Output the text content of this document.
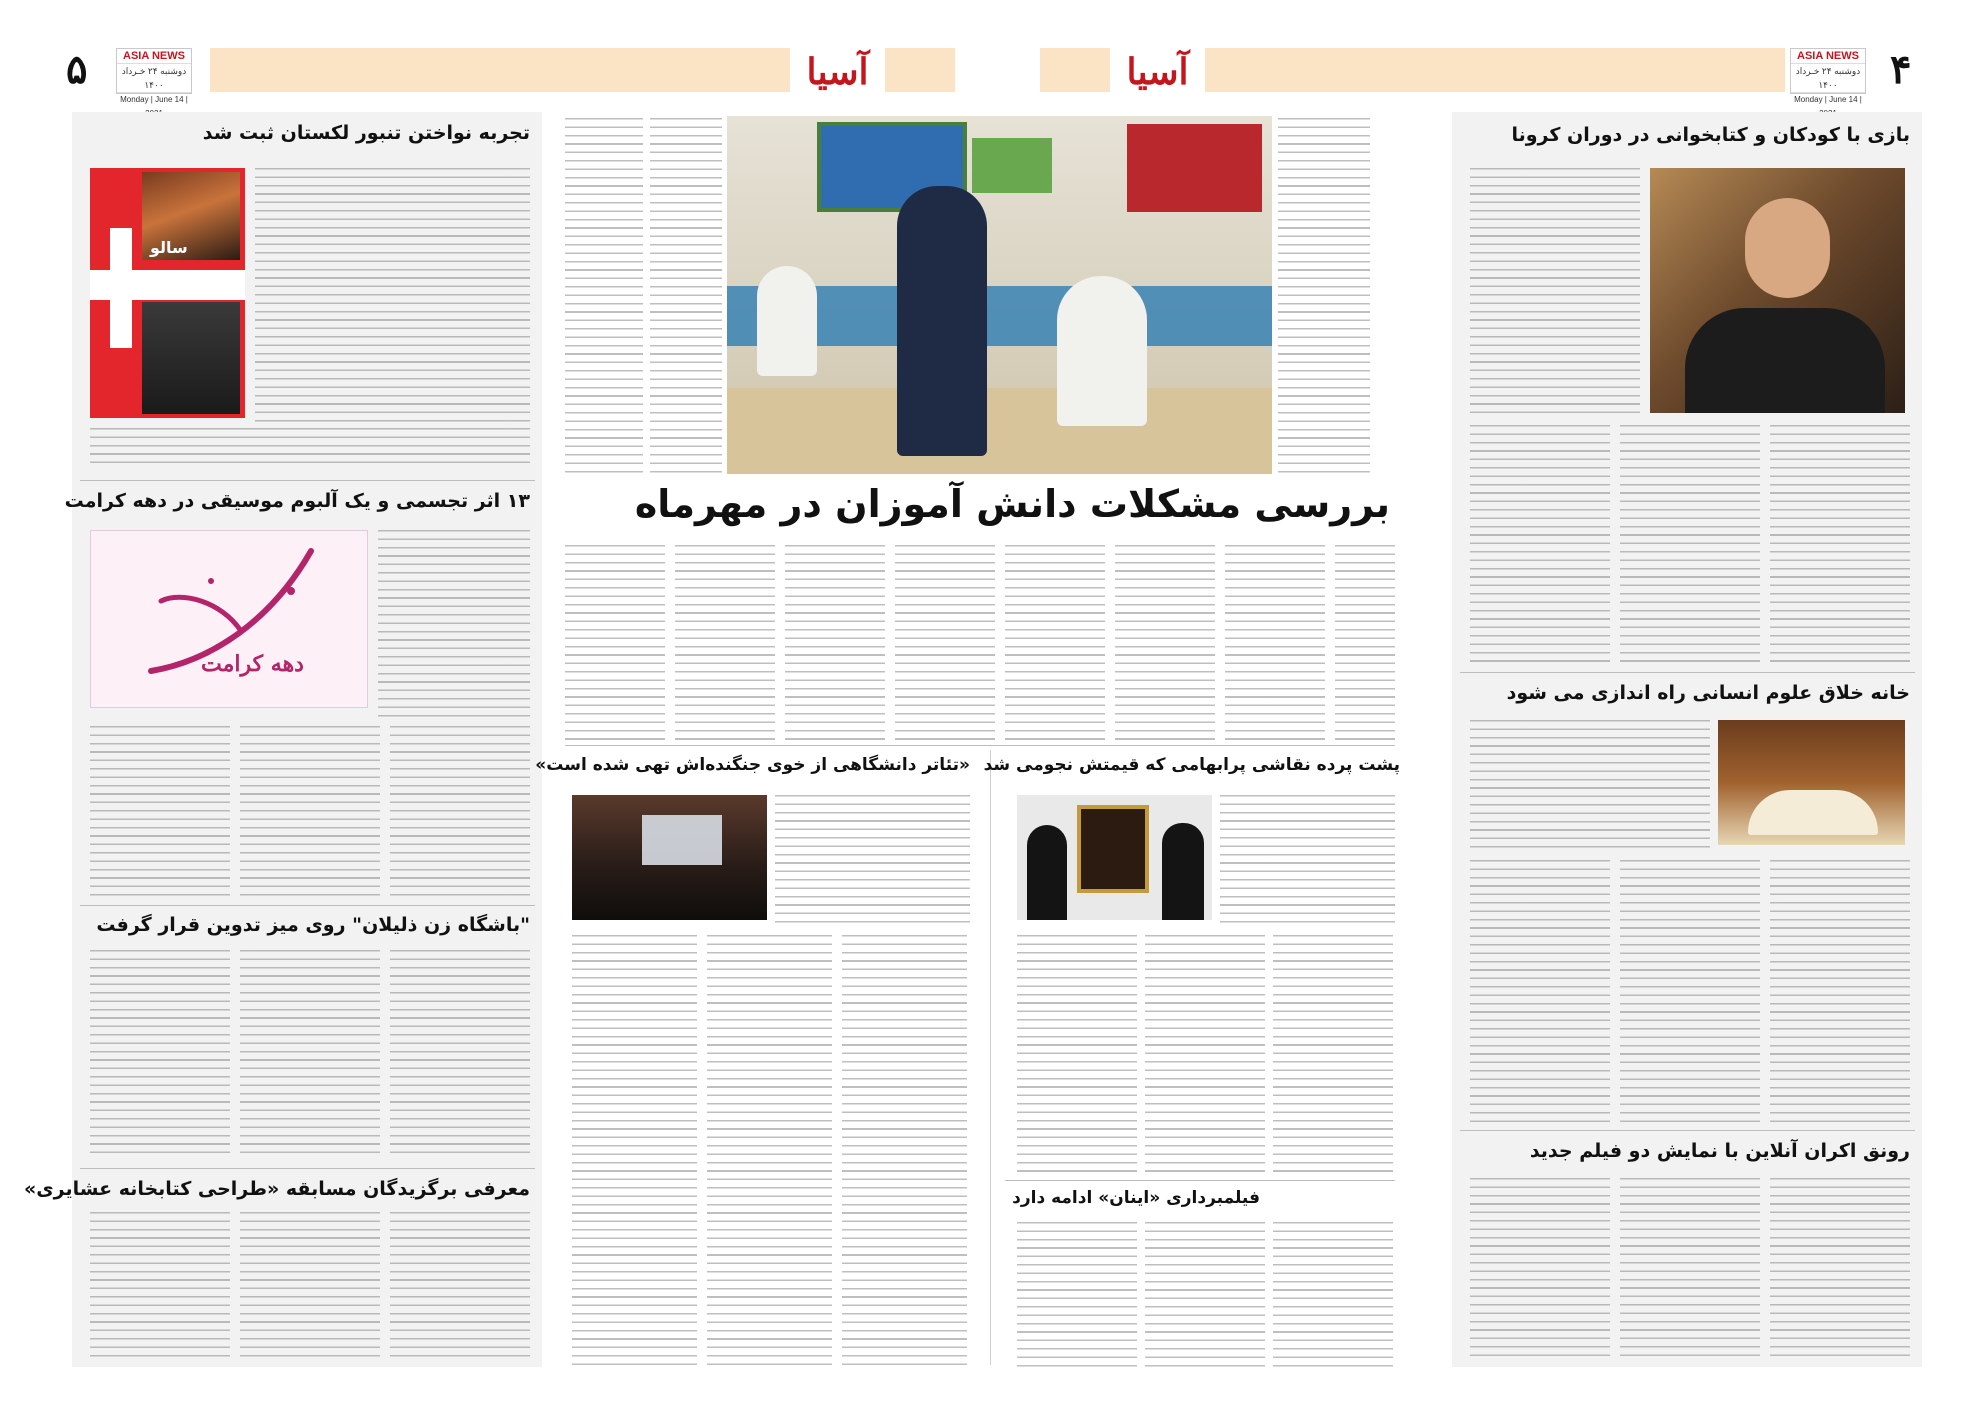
۵	ASIA NEWS
دوشنبه ۲۴ خـرداد ۱۴۰۰
Monday | June 14 |
آسیا	آسیا	ASIA NEWS
دوشنبه ۲۴ خـرداد ۱۴۰۰
Monday | June 14 |
۴
تجربه نواختن تنبور لکستان ثبت شد
سالو
۱۳ اثر تجسمی و یک آلبوم موسیقی در دهه کرامت
دهه کرامت
"باشگاه زن ذلیلان" روی میز تدوین قرار گرفت
معرفی برگزیدگان مسابقه «طراحی کتابخانه عشایری»
بررسی مشکلات دانش آموزان در مهرماه
«تئاتر دانشگاهی از خوی جنگنده‌اش تهی شده است» پشت پرده نقاشی پرابهامی که قیمتش نجومی شد
فیلمبرداری «اینان» ادامه دارد
بازی با کودکان و کتابخوانی در دوران کرونا
خانه خلاق علوم انسانی راه اندازی می شود
رونق اکران آنلاین با نمایش دو فیلم جدید
